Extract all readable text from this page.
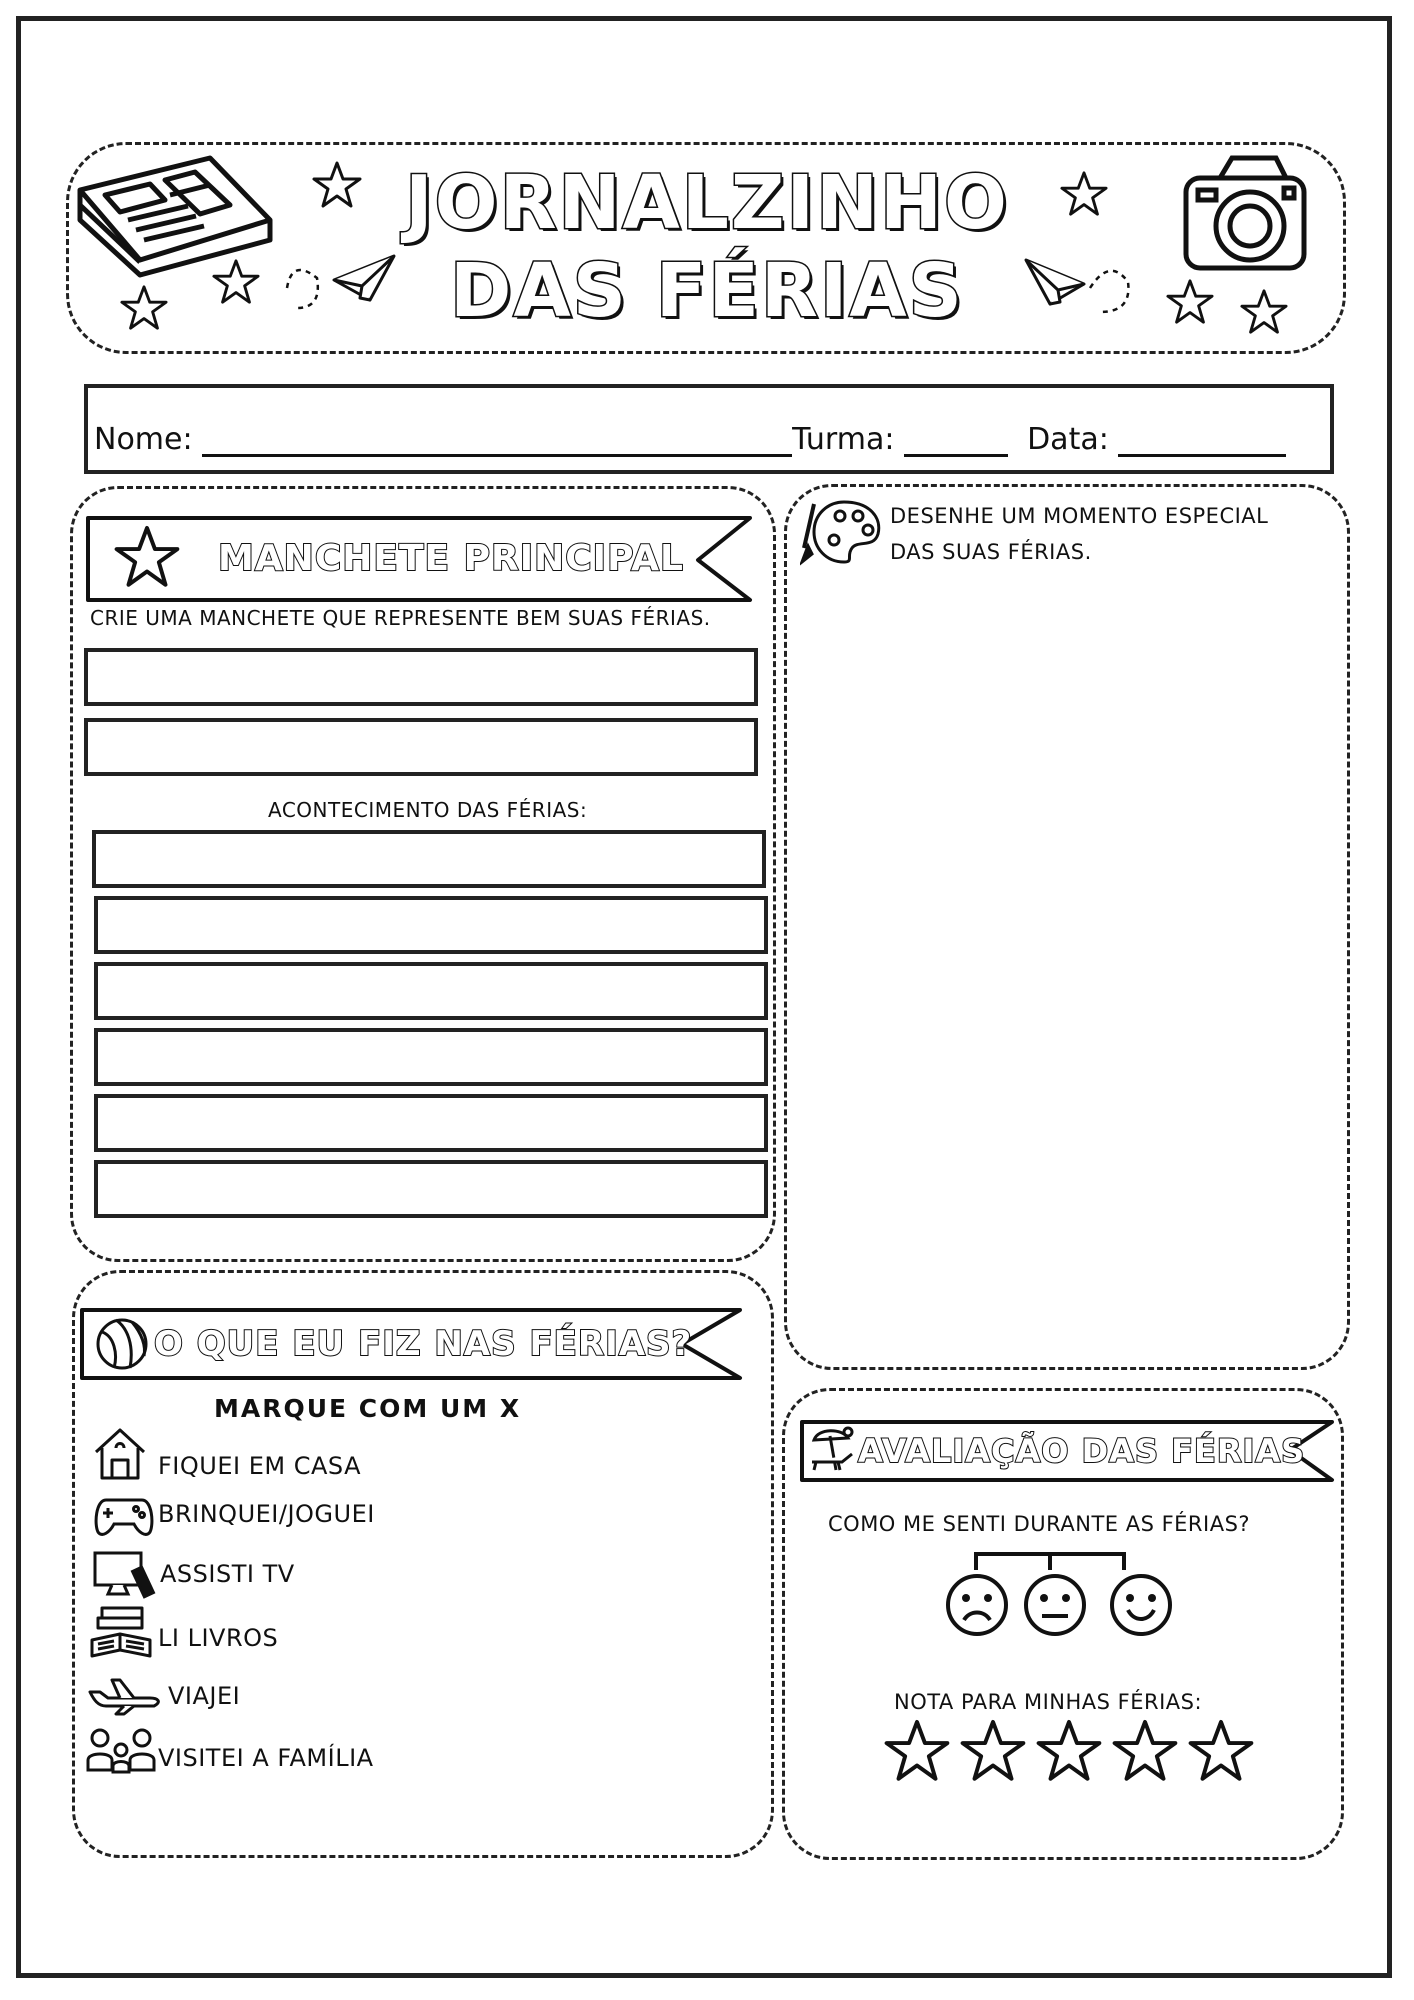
JORNALZINHO
DAS FÉRIAS
Nome:	Turma:	Data:
MANCHETE PRINCIPAL
CRIE UMA MANCHETE QUE REPRESENTE BEM SUAS FÉRIAS.
ACONTECIMENTO DAS FÉRIAS:
DESENHE UM MOMENTO ESPECIAL
DAS SUAS FÉRIAS.
O QUE EU FIZ NAS FÉRIAS?
MARQUE COM UM X
FIQUEI EM CASA
BRINQUEI/JOGUEI
ASSISTI TV
LI LIVROS
VIAJEI
VISITEI A FAMÍLIA
AVALIAÇÃO DAS FÉRIAS
COMO ME SENTI DURANTE AS FÉRIAS?
NOTA PARA MINHAS FÉRIAS:
